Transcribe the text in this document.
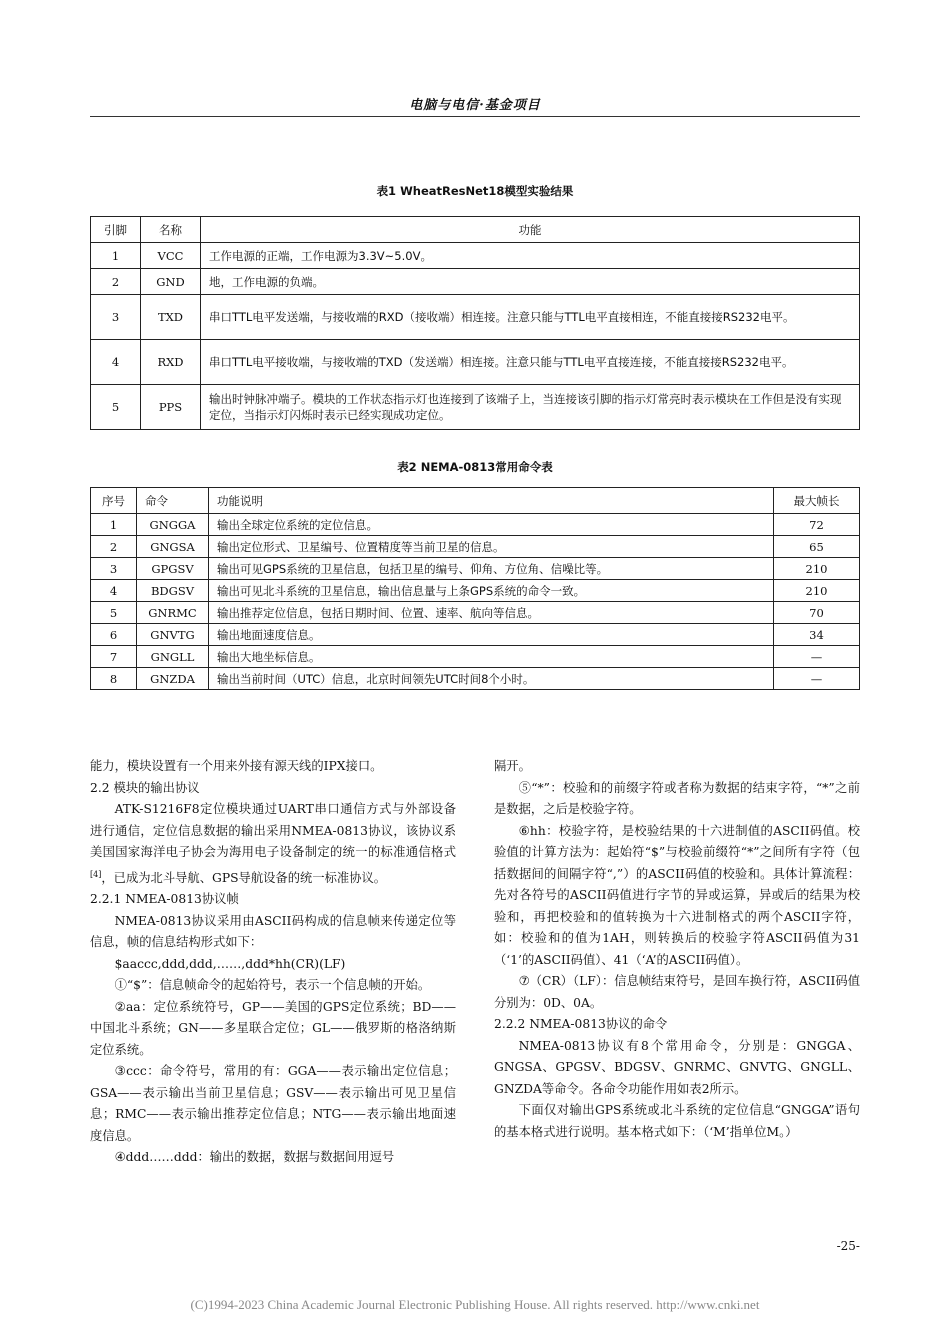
电脑与电信·基金项目
表1 WheatResNet18模型实验结果
引脚	名称	功能
1	VCC	工作电源的正端，工作电源为3.3V~5.0V。
2	GND	地，工作电源的负端。
3	TXD	串口TTL电平发送端，与接收端的RXD（接收端）相连接。注意只能与TTL电平直接相连，不能直接接RS232电平。
4	RXD	串口TTL电平接收端，与接收端的TXD（发送端）相连接。注意只能与TTL电平直接连接，不能直接接RS232电平。
5	PPS	输出时钟脉冲端子。模块的工作状态指示灯也连接到了该端子上，当连接该引脚的指示灯常亮时表示模块在工作但是没有实现定位，当指示灯闪烁时表示已经实现成功定位。
表2 NEMA-0813常用命令表
序号	命令	功能说明	最大帧长
1	GNGGA	输出全球定位系统的定位信息。	72
2	GNGSA	输出定位形式、卫星编号、位置精度等当前卫星的信息。	65
3	GPGSV	输出可见GPS系统的卫星信息，包括卫星的编号、仰角、方位角、信噪比等。	210
4	BDGSV	输出可见北斗系统的卫星信息，输出信息量与上条GPS系统的命令一致。	210
5	GNRMC	输出推荐定位信息，包括日期时间、位置、速率、航向等信息。	70
6	GNVTG	输出地面速度信息。	34
7	GNGLL	输出大地坐标信息。	—
8	GNZDA	输出当前时间（UTC）信息，北京时间领先UTC时间8个小时。	—

能力，模块设置有一个用来外接有源天线的IPX接口。

2.2 模块的输出协议

ATK-S1216F8定位模块通过UART串口通信方式与外部设备进行通信，定位信息数据的输出采用NMEA-0813协议，该协议系美国国家海洋电子协会为海用电子设备制定的统一的标准通信格式[4]，已成为北斗导航、GPS导航设备的统一标准协议。

2.2.1 NMEA-0813协议帧

NMEA-0813协议采用由ASCII码构成的信息帧来传递定位等信息，帧的信息结构形式如下：

$aaccc,ddd,ddd,……,ddd*hh(CR)(LF)

①“$”：信息帧命令的起始符号，表示一个信息帧的开始。

②aa：定位系统符号，GP——美国的GPS定位系统；BD——中国北斗系统；GN——多星联合定位；GL——俄罗斯的格洛纳斯定位系统。

③ccc：命令符号，常用的有：GGA——表示输出定位信息；GSA——表示输出当前卫星信息；GSV——表示输出可见卫星信息；RMC——表示输出推荐定位信息；NTG——表示输出地面速度信息。

④ddd……ddd：输出的数据，数据与数据间用逗号

隔开。

⑤“*”：校验和的前缀字符或者称为数据的结束字符，“*”之前是数据，之后是校验字符。

⑥hh：校验字符，是校验结果的十六进制值的ASCII码值。校验值的计算方法为：起始符“$”与校验前缀符“*”之间所有字符（包括数据间的间隔字符“,”）的ASCII码值的校验和。具体计算流程：先对各符号的ASCII码值进行字节的异或运算，异或后的结果为校验和，再把校验和的值转换为十六进制格式的两个ASCII字符，如：校验和的值为1AH，则转换后的校验字符ASCII码值为31（‘1’的ASCII码值）、41（‘A’的ASCII码值）。

⑦（CR）（LF）：信息帧结束符号，是回车换行符，ASCII码值分别为：0D、0A。

2.2.2 NMEA-0813协议的命令

NMEA-0813协议有8个常用命令，分别是：GNGGA、GNGSA、GPGSV、BDGSV、GNRMC、GNVTG、GNGLL、GNZDA等命令。各命令功能作用如表2所示。

下面仅对输出GPS系统或北斗系统的定位信息“GNGGA”语句的基本格式进行说明。基本格式如下：（‘M’指单位M。）

-25-
(C)1994-2023 China Academic Journal Electronic Publishing House. All rights reserved. http://www.cnki.net
